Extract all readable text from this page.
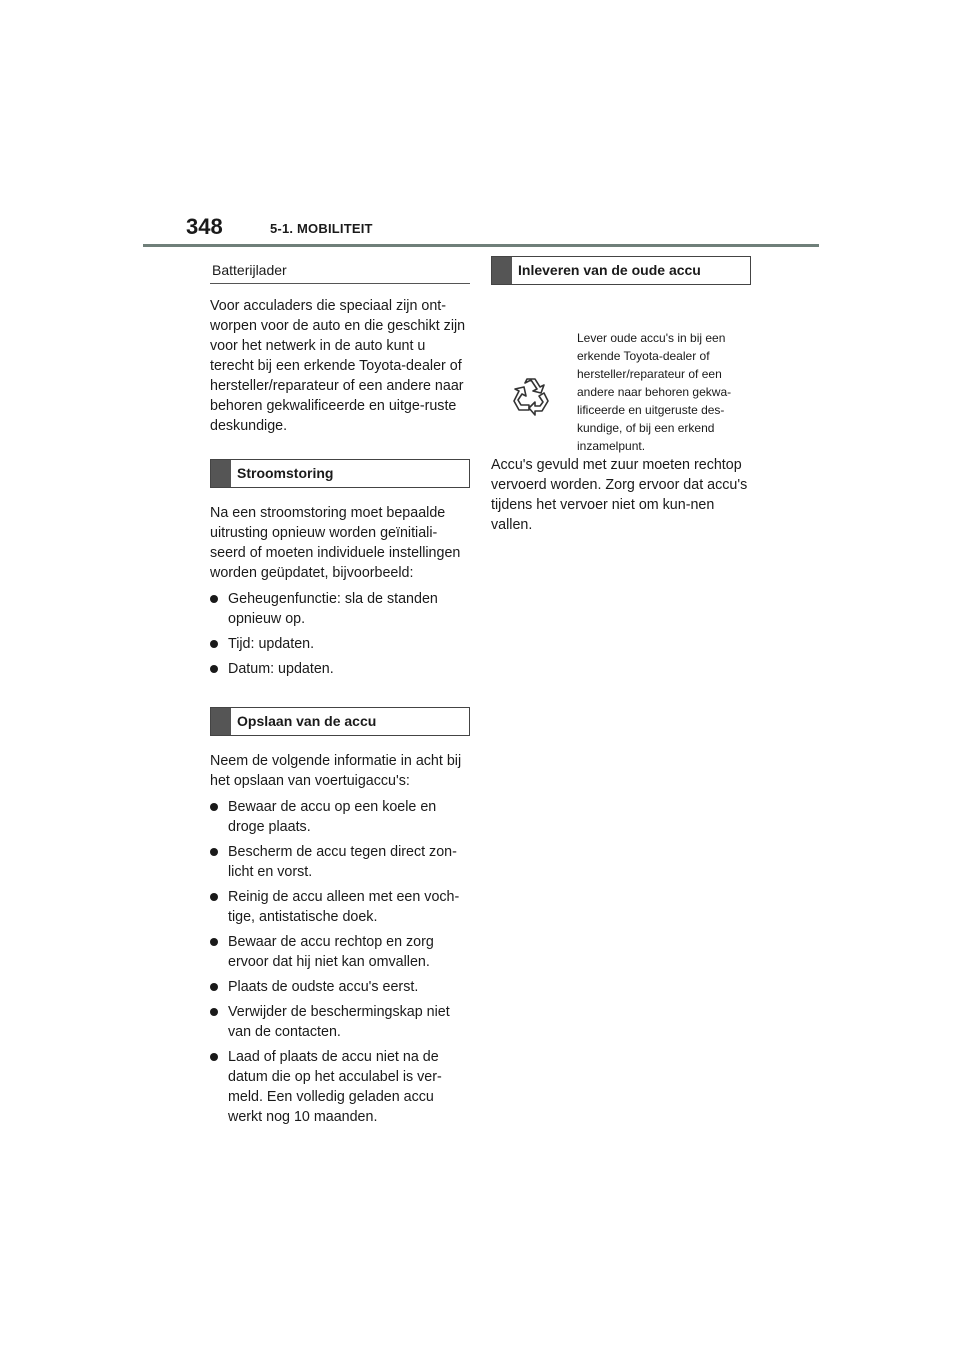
348	5-1. MOBILITEIT
Batterijlader

Voor acculaders die speciaal zijn ont-worpen voor de auto en die geschikt zijn voor het netwerk in de auto kunt u terecht bij een erkende Toyota-dealer of hersteller/reparateur of een andere naar behoren gekwalificeerde en uitge-ruste deskundige.

Stroomstoring

Na een stroomstoring moet bepaalde uitrusting opnieuw worden geïnitiali-seerd of moeten individuele instellingen worden geüpdatet, bijvoorbeeld:

Geheugenfunctie: sla de standen opnieuw op.
Tijd: updaten.
Datum: updaten.
Opslaan van de accu

Neem de volgende informatie in acht bij het opslaan van voertuigaccu's:

Bewaar de accu op een koele en droge plaats.
Bescherm de accu tegen direct zon-licht en vorst.
Reinig de accu alleen met een voch-tige, antistatische doek.
Bewaar de accu rechtop en zorg ervoor dat hij niet kan omvallen.
Plaats de oudste accu's eerst.
Verwijder de beschermingskap niet van de contacten.
Laad of plaats de accu niet na de datum die op het acculabel is ver-meld. Een volledig geladen accu werkt nog 10 maanden.
Inleveren van de oude accu
Lever oude accu's in bij een erkende Toyota-dealer of hersteller/reparateur of een andere naar behoren gekwa-lificeerde en uitgeruste des-kundige, of bij een erkend inzamelpunt.

Accu's gevuld met zuur moeten rechtop vervoerd worden. Zorg ervoor dat accu's tijdens het vervoer niet om kun-nen vallen.
